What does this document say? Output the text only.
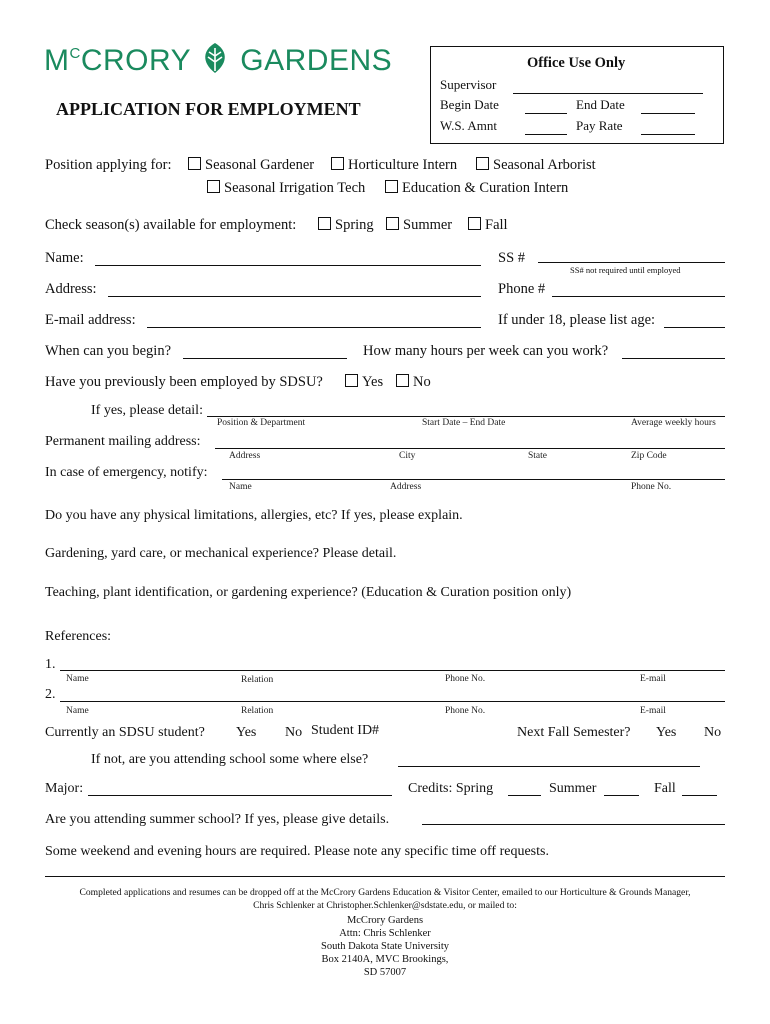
$M^CCRORY$ GARDENS
APPLICATION FOR EMPLOYMENT
Office Use Only
Supervisor
Begin Date	End Date
W.S. Amnt	Pay Rate
Position applying for:	Seasonal Gardener	Horticulture Intern	Seasonal Arborist
Seasonal Irrigation Tech	Education & Curation Intern
Check season(s) available for employment:	Spring	Summer	Fall
Name:	SS #
SS# not required until employed
Address:	Phone #
E-mail address:	If under 18, please list age:
When can you begin?	How many hours per week can you work?
Have you previously been employed by SDSU?	Yes	No
If yes, please detail:
Position & Department	Start Date – End Date	Average weekly hours
Permanent mailing address:
Address	City	State	Zip Code
In case of emergency, notify:
Name	Address	Phone No.
Do you have any physical limitations, allergies, etc? If yes, please explain.
Gardening, yard care, or mechanical experience? Please detail.
Teaching, plant identification, or gardening experience? (Education & Curation position only)
References:
1.
Name	Relation	Phone No.	E-mail
2.
Name	Relation	Phone No.	E-mail
Currently an SDSU student? Yes No Student ID#	Next Fall Semester? Yes No
If not, are you attending school some where else?
Major:	Credits: Spring	Summer	Fall
Are you attending summer school? If yes, please give details.
Some weekend and evening hours are required. Please note any specific time off requests.
Completed applications and resumes can be dropped off at the McCrory Gardens Education & Visitor Center, emailed to our Horticulture & Grounds Manager,
Chris Schlenker at Christopher.Schlenker@sdstate.edu, or mailed to:
McCrory Gardens
Attn: Chris Schlenker
South Dakota State University
Box 2140A, MVC Brookings,
SD 57007
